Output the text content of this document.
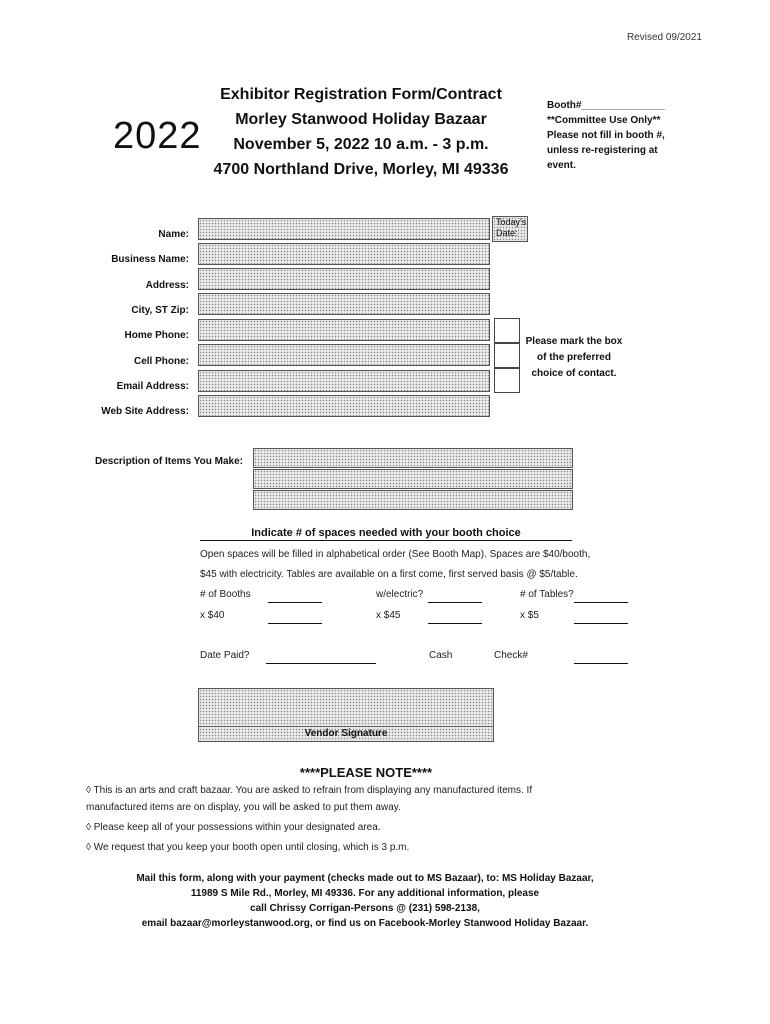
Revised 09/2021
2022
Exhibitor Registration Form/Contract
Morley Stanwood Holiday Bazaar
November 5, 2022 10 a.m. - 3 p.m.
4700 Northland Drive, Morley, MI 49336
Booth#_______________
**Committee Use Only**
Please not fill in booth #,
unless re-registering at
event.
Name:
Today's
Date:
Business Name:
Address:
City, ST Zip:
Home Phone:
Cell Phone:
Email Address:
Web Site Address:
Please mark the box
of the preferred
choice of contact.
Description of Items You Make:
Indicate # of spaces needed with your booth choice
Open spaces will be filled in alphabetical order (See Booth Map). Spaces are $40/booth,
$45 with electricity. Tables are available on a first come, first served basis @ $5/table.
# of Booths	w/electric?	# of Tables?
x $40	x $45	x $5
Date Paid?	Cash	Check#
Vendor Signature
****PLEASE NOTE****
◊ This is an arts and craft bazaar. You are asked to refrain from displaying any manufactured items. If
manufactured items are on display, you will be asked to put them away.
◊ Please keep all of your possessions within your designated area.
◊ We request that you keep your booth open until closing, which is 3 p.m.
Mail this form, along with your payment (checks made out to MS Bazaar), to: MS Holiday Bazaar,
11989 S Mile Rd., Morley, MI 49336. For any additional information, please
call Chrissy Corrigan-Persons @ (231) 598-2138,
email bazaar@morleystanwood.org, or find us on Facebook-Morley Stanwood Holiday Bazaar.
